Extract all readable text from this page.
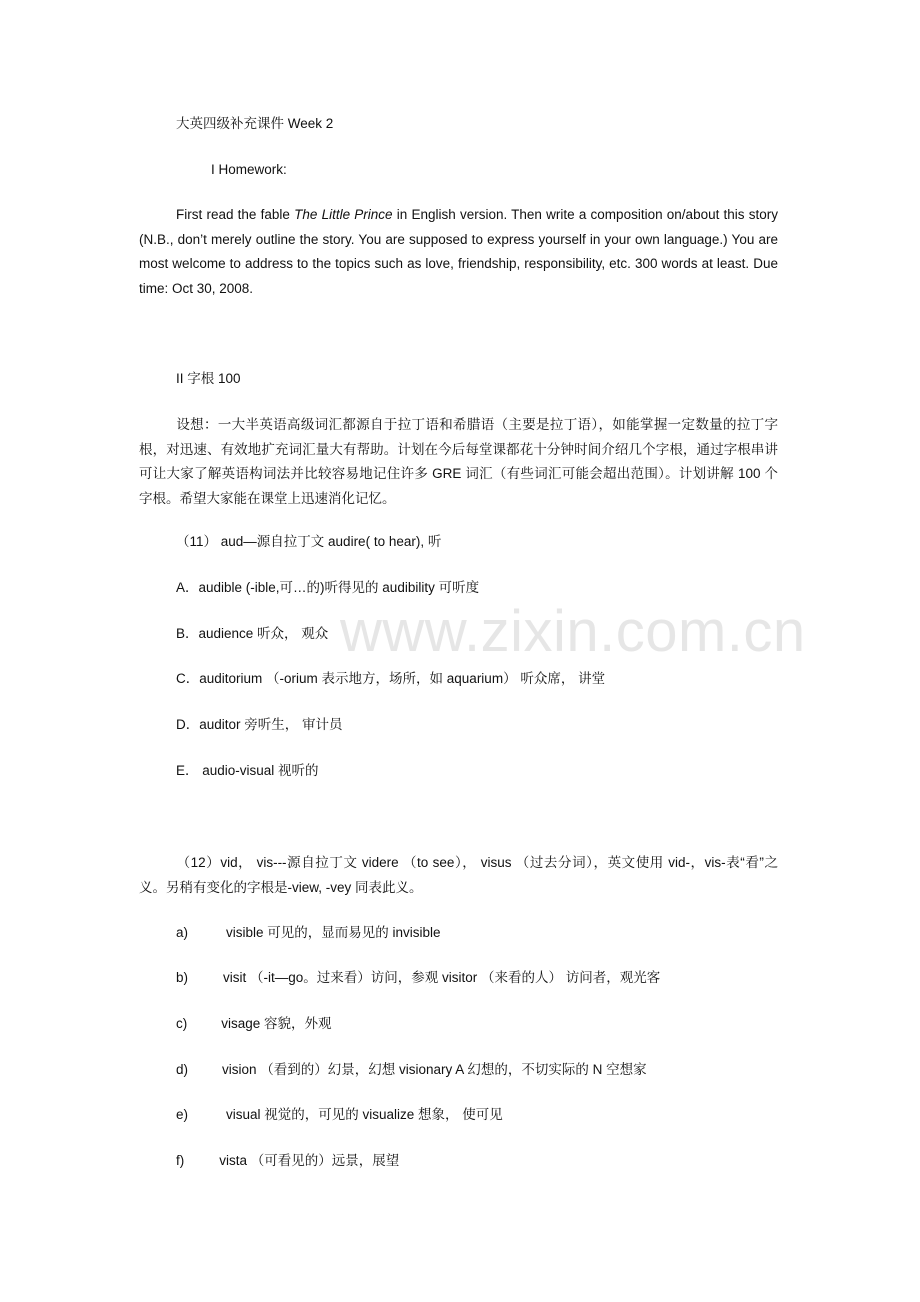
www.zixin.com.cn
大英四级补充课件 Week 2
I Homework:
First read the fable The Little Prince in English version. Then write a composition on/about this story (N.B., don’t merely outline the story. You are supposed to express yourself in your own language.) You are most welcome to address to the topics such as love, friendship, responsibility, etc. 300 words at least. Due time: Oct 30, 2008.
II 字根 100
设想：一大半英语高级词汇都源自于拉丁语和希腊语（主要是拉丁语），如能掌握一定数量的拉丁字根，对迅速、有效地扩充词汇量大有帮助。计划在今后每堂课都花十分钟时间介绍几个字根，通过字根串讲可让大家了解英语构词法并比较容易地记住许多 GRE 词汇（有些词汇可能会超出范围）。计划讲解 100 个字根。希望大家能在课堂上迅速消化记忆。
（11） aud—源自拉丁文 audire( to hear), 听
A．audible (-ible,可…的)听得见的 audibility 可听度
B．audience 听众， 观众
C．auditorium （-orium 表示地方，场所，如 aquarium） 听众席， 讲堂
D．auditor 旁听生， 审计员
E． audio-visual 视听的
（12）vid， vis---源自拉丁文 videre （to see）， visus （过去分词），英文使用 vid-，vis-表“看”之义。另稍有变化的字根是-view, -vey 同表此义。
a)	visible 可见的，显而易见的 invisible
b)	visit （-it—go。过来看）访问，参观 visitor （来看的人） 访问者，观光客
c)	visage 容貌，外观
d)	vision （看到的）幻景，幻想 visionary A 幻想的，不切实际的 N 空想家
e)	visual 视觉的，可见的 visualize 想象， 使可见
f)	vista （可看见的）远景，展望
